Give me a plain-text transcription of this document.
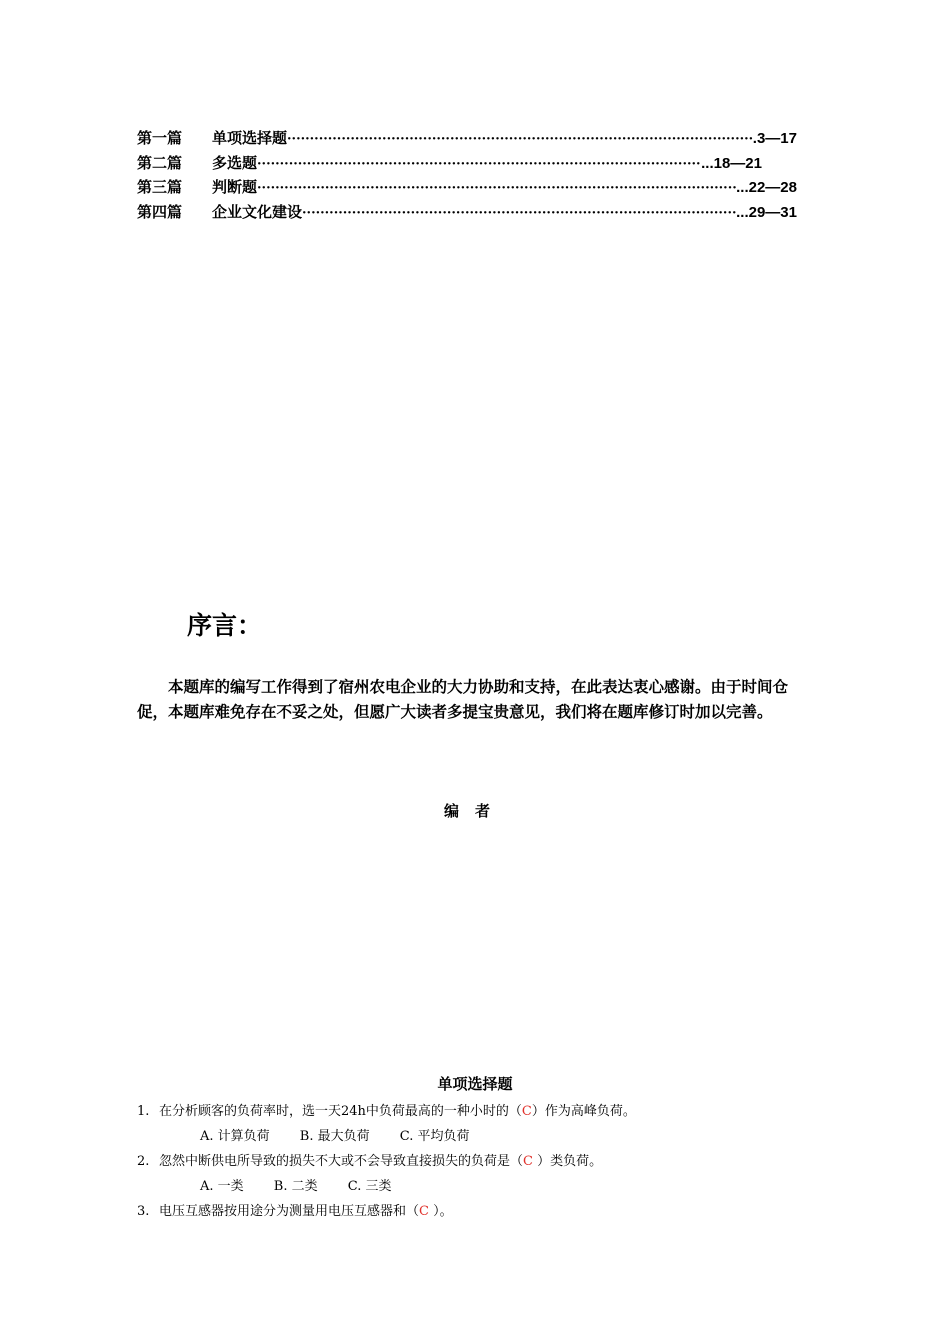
第一篇	单项选择题 ·····	.3—17
第二篇	多选题 ·····	...18—21
第三篇	判断题 ·····	...22—28
第四篇	企业文化建设 ·····	...29—31
序言：
本题库的编写工作得到了宿州农电企业的大力协助和支持，在此表达衷心感谢。由于时间仓促，本题库难免存在不妥之处，但愿广大读者多提宝贵意见，我们将在题库修订时加以完善。
编者
单项选择题
1. 在分析顾客的负荷率时，选一天24h中负荷最高的一种小时的（C）作为高峰负荷。
A. 计算负荷 B. 最大负荷 C. 平均负荷
2. 忽然中断供电所导致的损失不大或不会导致直接损失的负荷是（C ）类负荷。
A. 一类 B. 二类 C. 三类
3. 电压互感器按用途分为测量用电压互感器和（C ）。
